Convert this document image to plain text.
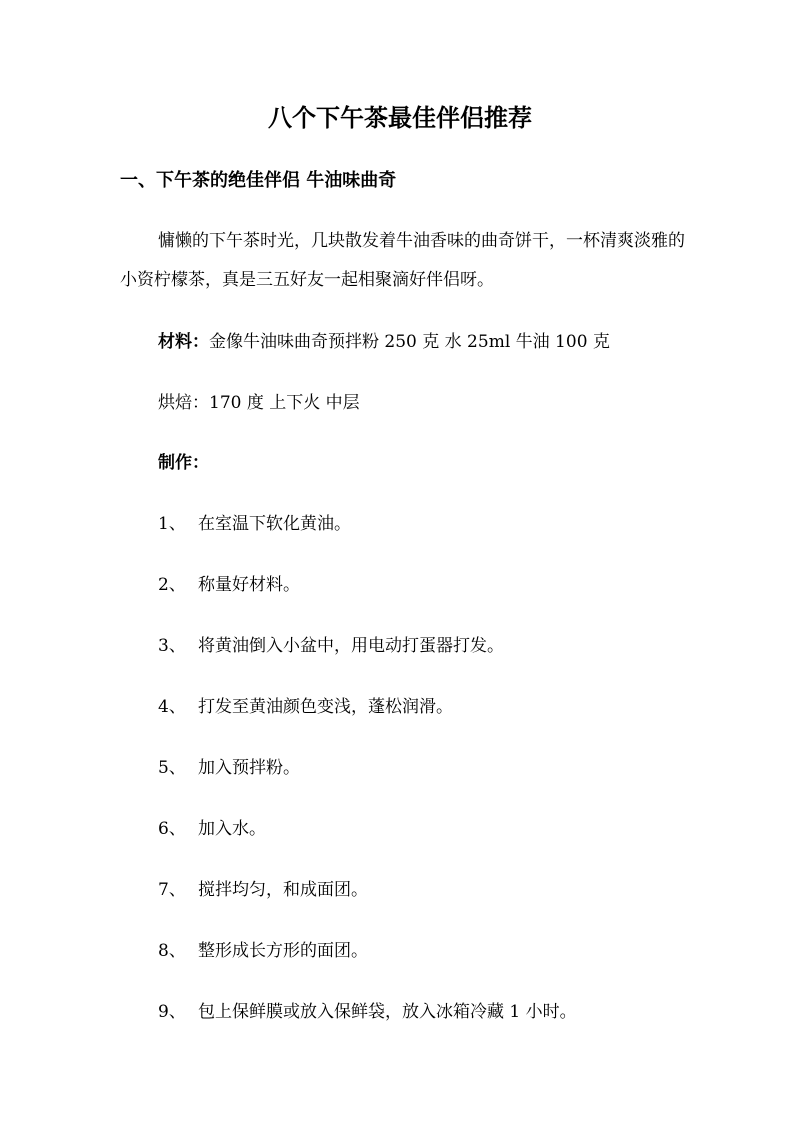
八个下午茶最佳伴侣推荐
一、下午茶的绝佳伴侣 牛油味曲奇
慵懒的下午茶时光，几块散发着牛油香味的曲奇饼干，一杯清爽淡雅的小资柠檬茶，真是三五好友一起相聚滴好伴侣呀。
材料：金像牛油味曲奇预拌粉 250 克 水 25ml 牛油 100 克
烘焙：170 度 上下火 中层
制作：
1、 在室温下软化黄油。
2、 称量好材料。
3、 将黄油倒入小盆中，用电动打蛋器打发。
4、 打发至黄油颜色变浅，蓬松润滑。
5、 加入预拌粉。
6、 加入水。
7、 搅拌均匀，和成面团。
8、 整形成长方形的面团。
9、 包上保鲜膜或放入保鲜袋，放入冰箱冷藏 1 小时。
